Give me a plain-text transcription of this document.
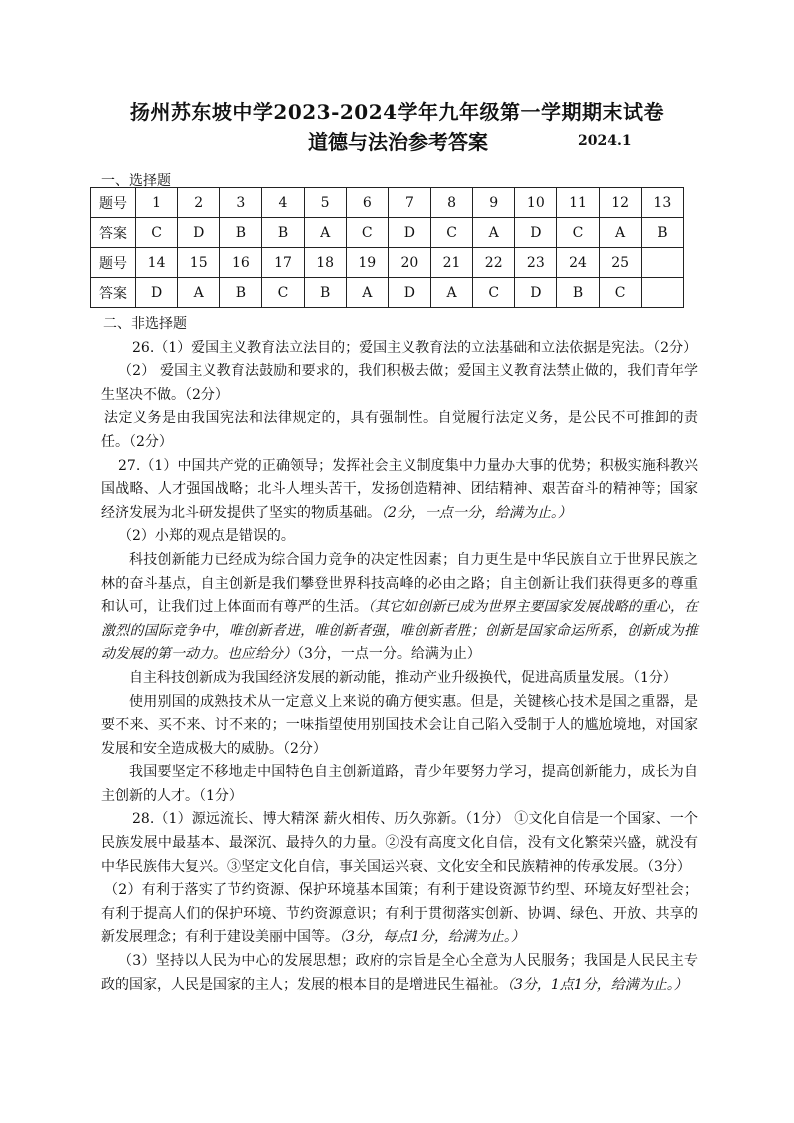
扬州苏东坡中学2023-2024学年九年级第一学期期末试卷
道德与法治参考答案	2024.1
一、选择题
题号	1	2	3	4	5	6	7	8	9	10	11	12	13
答案	C	D	B	B	A	C	D	C	A	D	C	A	B
题号	14	15	16	17	18	19	20	21	22	23	24	25	
答案	D	A	B	C	B	A	D	A	C	D	B	C	

二、非选择题

26.（1）爱国主义教育法立法目的；爱国主义教育法的立法基础和立法依据是宪法。（2分）

（2） 爱国主义教育法鼓励和要求的，我们积极去做；爱国主义教育法禁止做的，我们青年学生坚决不做。（2分）

法定义务是由我国宪法和法律规定的，具有强制性。自觉履行法定义务，是公民不可推卸的责任。（2分）

27.（1）中国共产党的正确领导；发挥社会主义制度集中力量办大事的优势；积极实施科教兴国战略、人才强国战略；北斗人埋头苦干，发扬创造精神、团结精神、艰苦奋斗的精神等；国家经济发展为北斗研发提供了坚实的物质基础。（2分，一点一分，给满为止。）

（2）小郑的观点是错误的。

科技创新能力已经成为综合国力竞争的决定性因素；自力更生是中华民族自立于世界民族之林的奋斗基点，自主创新是我们攀登世界科技高峰的必由之路；自主创新让我们获得更多的尊重和认可，让我们过上体面而有尊严的生活。（其它如创新已成为世界主要国家发展战略的重心，在激烈的国际竞争中，唯创新者进，唯创新者强，唯创新者胜；创新是国家命运所系，创新成为推动发展的第一动力。也应给分）（3分，一点一分。给满为止）

自主科技创新成为我国经济发展的新动能，推动产业升级换代，促进高质量发展。（1分）

使用别国的成熟技术从一定意义上来说的确方便实惠。但是，关键核心技术是国之重器，是要不来、买不来、讨不来的；一味指望使用别国技术会让自己陷入受制于人的尴尬境地，对国家发展和安全造成极大的威胁。（2分）

我国要坚定不移地走中国特色自主创新道路，青少年要努力学习，提高创新能力，成长为自主创新的人才。（1分）

28.（1）源远流长、博大精深 薪火相传、历久弥新。（1分） ①文化自信是一个国家、一个民族发展中最基本、最深沉、最持久的力量。②没有高度文化自信，没有文化繁荣兴盛，就没有中华民族伟大复兴。③坚定文化自信，事关国运兴衰、文化安全和民族精神的传承发展。（3分）

（2）有利于落实了节约资源、保护环境基本国策；有利于建设资源节约型、环境友好型社会；有利于提高人们的保护环境、节约资源意识；有利于贯彻落实创新、协调、绿色、开放、共享的新发展理念；有利于建设美丽中国等。（3分，每点1分，给满为止。）

（3）坚持以人民为中心的发展思想；政府的宗旨是全心全意为人民服务；我国是人民民主专政的国家，人民是国家的主人；发展的根本目的是增进民生福祉。（3分，1点1分，给满为止。）
